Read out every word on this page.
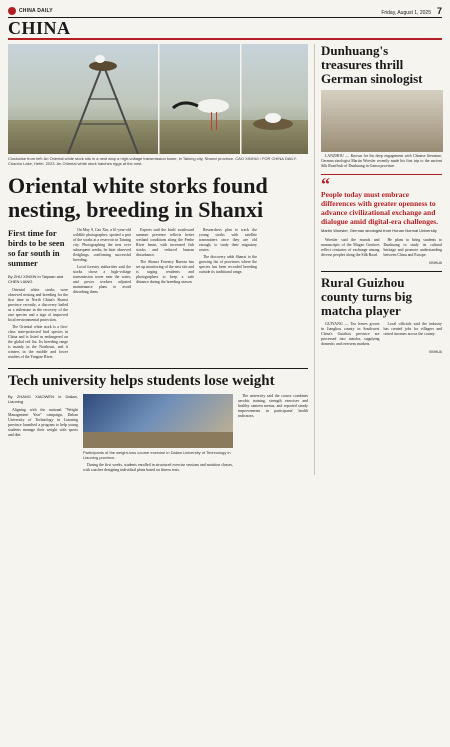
CHINA DAILY	Friday, August 1, 2025 7
CHINA
Clockwise from left: An Oriental white stork sits in a nest atop a high-voltage transmission tower, in Taining city, Shanxi province. CAO XINHUI / FOR CHINA DAILY. Chaohu Lake, Hefei, 2023. An Oriental white stork hatches eggs at the nest.
Oriental white storks found nesting, breeding in Shanxi
First time for birds to be seen so far south in summer
By ZHU XINXIN in Taiyuan and CHEN LIANG

Oriental white storks were observed nesting and breeding for the first time in North China's Shanxi province recently, a discovery hailed as a milestone in the recovery of the rare species and a sign of improved local environmental protection.

The Oriental white stork is a first-class state-protected bird species in China and is listed as endangered on the global red list. Its breeding range is mainly in the Northeast, and it winters in the middle and lower reaches of the Yangtze River.

On May 9, Cao Xin, a 61-year-old wildlife photographer, spotted a pair of the storks at a reservoir in Taining city. Photographing the nest over subsequent weeks, he later observed fledglings, confirming successful breeding.

Local forestry authorities said the storks chose a high-voltage transmission tower near the water, and power workers adjusted maintenance plans to avoid disturbing them.

Experts said the birds' southward summer presence reflects better wetland conditions along the Fenhe River basin, with increased fish stocks and reduced human disturbance.

The Shanxi Forestry Bureau has set up monitoring of the nest site and is urging residents and photographers to keep a safe distance during the breeding season.

Researchers plan to track the young storks with satellite transmitters once they are old enough, to study their migratory routes.

The discovery adds Shanxi to the growing list of provinces where the species has been recorded breeding outside its traditional range.

Tech university helps students lose weight
By ZHANG XIAOWEN in Dalian, Liaoning

Aligning with the national "Weight Management Year" campaign, Dalian University of Technology in Liaoning province launched a program to help young students manage their weight with sports and diet.

Participants of the weight-loss course exercise in Dalian University of Technology in Liaoning province.

During the first weeks, students enrolled in structured exercise sessions and nutrition classes, with coaches designing individual plans based on fitness tests.

The university said the course combines aerobic training, strength exercises and healthy canteen menus, and reported steady improvements in participants' health indicators.

Dunhuang's treasures thrill German sinologist

LANZHOU — Known for his deep engagement with Chinese literature, German sinologist Martin Woesler recently made his first trip to the ancient Silk Road hub of Dunhuang in Gansu province.

“
People today must embrace differences with greater openness to advance civilizational exchange and dialogue amid digital-era challenges.
Martin Woesler, German sinologist from Hunan Normal University

Woesler said the murals and manuscripts of the Mogao Grottoes reflect centuries of exchange among diverse peoples along the Silk Road.

He plans to bring students to Dunhuang to study its cultural heritage and promote understanding between China and Europe.

XINHUA
Rural Guizhou county turns big matcha player

GUIYANG — Tea leaves grown in Jiangkou county in Southwest China's Guizhou province are processed into matcha, supplying domestic and overseas markets.

Local officials said the industry has created jobs for villagers and raised incomes across the county.

XINHUA
